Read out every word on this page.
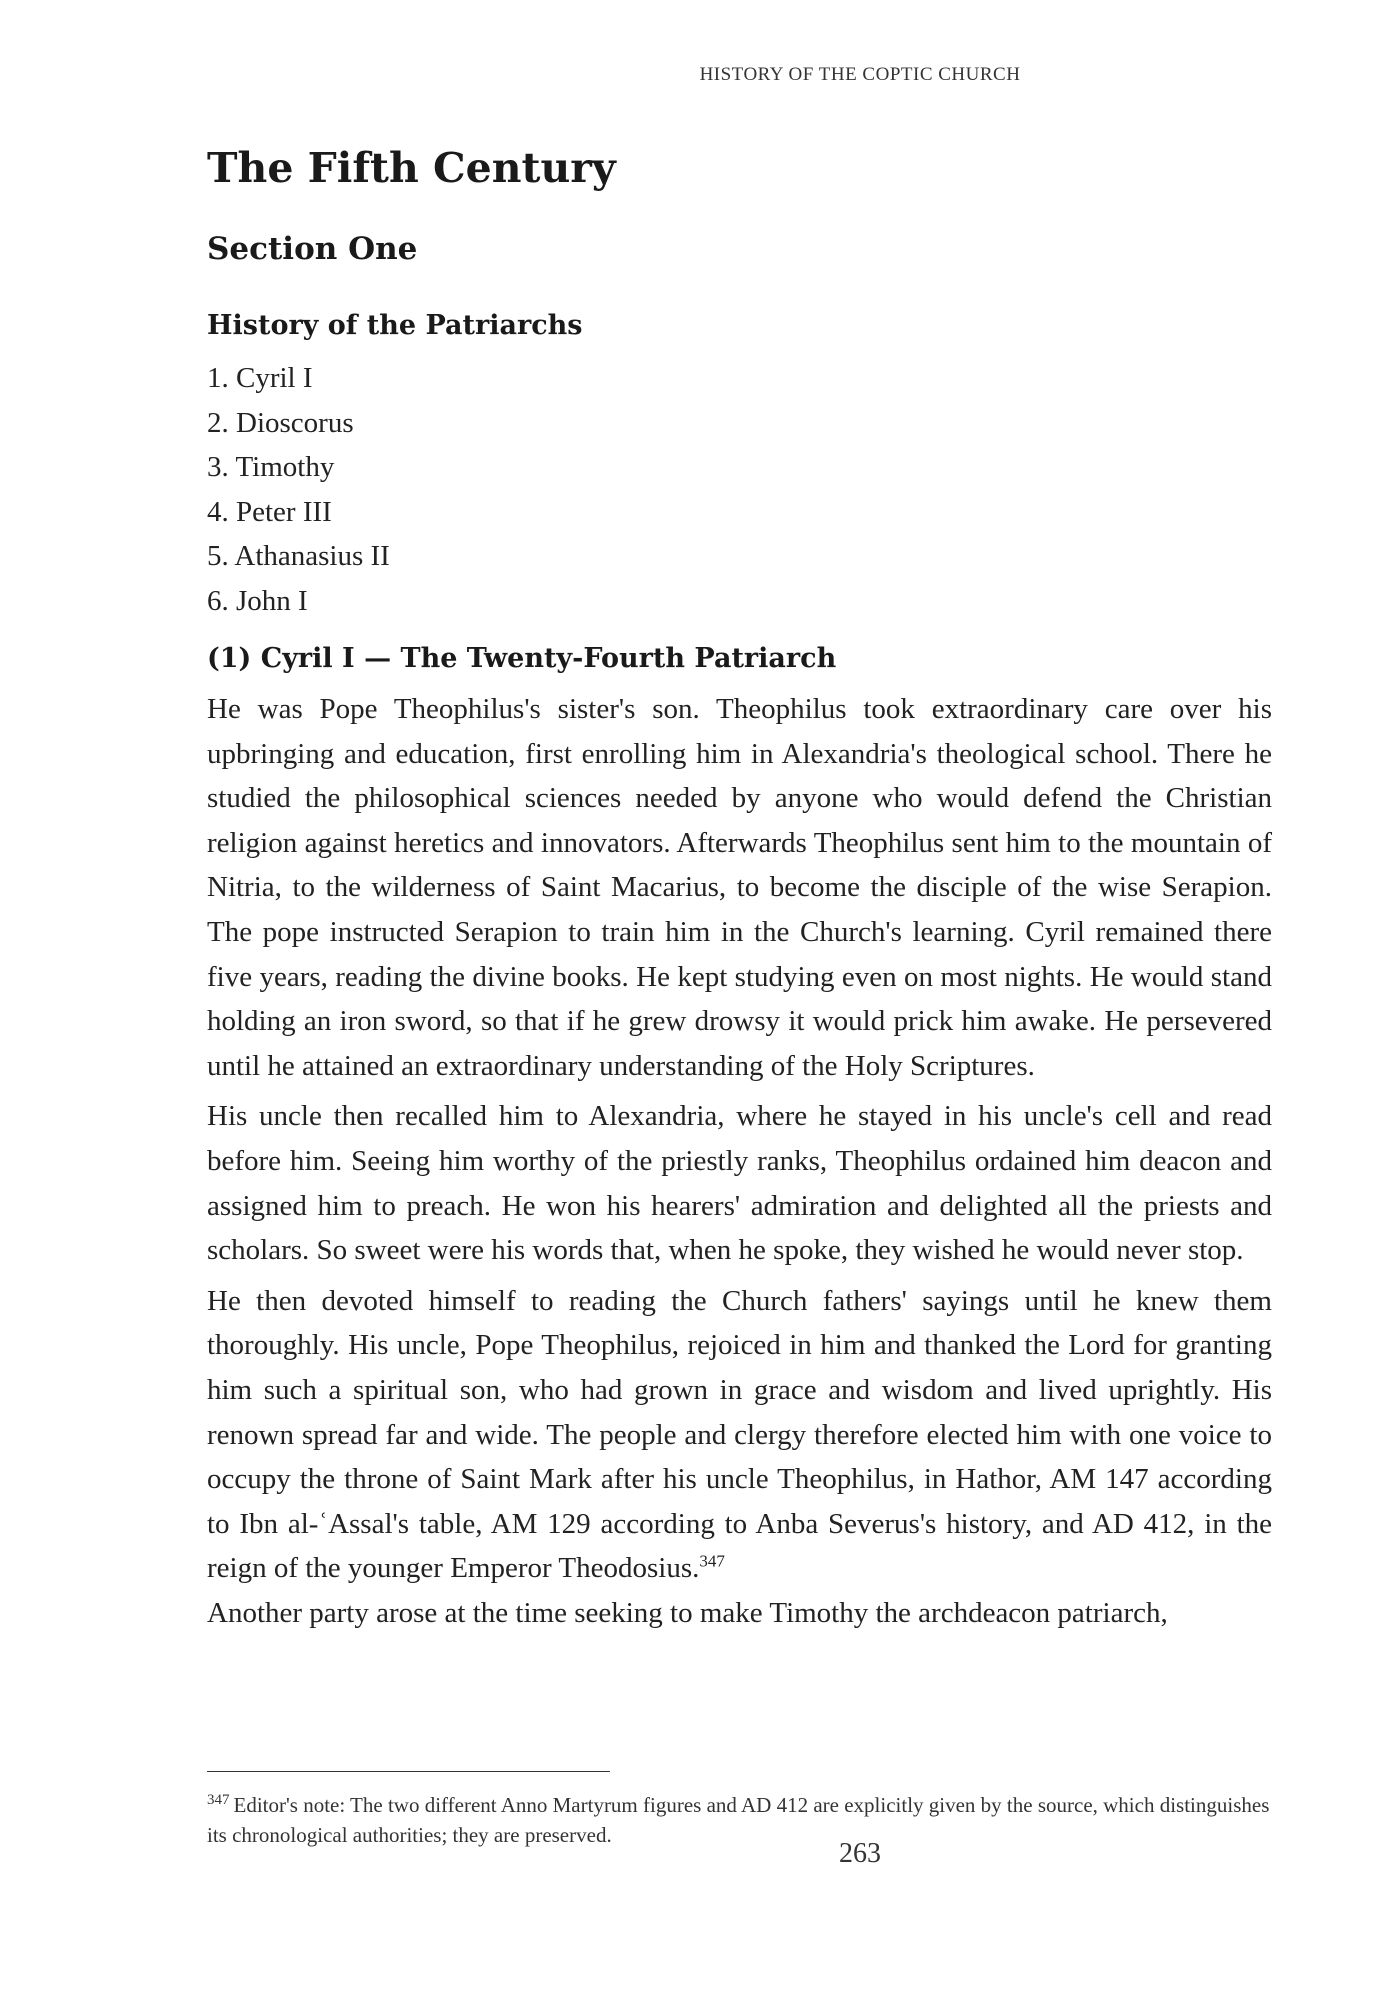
HISTORY OF THE COPTIC CHURCH
The Fifth Century
Section One
History of the Patriarchs
1. Cyril I
2. Dioscorus
3. Timothy
4. Peter III
5. Athanasius II
6. John I
(1) Cyril I — The Twenty-Fourth Patriarch

He was Pope Theophilus's sister's son. Theophilus took extraordinary care over his upbringing and education, first enrolling him in Alexandria's theological school. There he studied the philosophical sciences needed by anyone who would defend the Christian religion against heretics and innovators. Afterwards Theophilus sent him to the mountain of Nitria, to the wilderness of Saint Macarius, to become the disciple of the wise Serapion. The pope instructed Serapion to train him in the Church's learning. Cyril remained there five years, reading the divine books. He kept studying even on most nights. He would stand holding an iron sword, so that if he grew drowsy it would prick him awake. He persevered until he attained an extraordinary understanding of the Holy Scriptures.

His uncle then recalled him to Alexandria, where he stayed in his uncle's cell and read before him. Seeing him worthy of the priestly ranks, Theophilus ordained him deacon and assigned him to preach. He won his hearers' admiration and delighted all the priests and scholars. So sweet were his words that, when he spoke, they wished he would never stop.

He then devoted himself to reading the Church fathers' sayings until he knew them thoroughly. His uncle, Pope Theophilus, rejoiced in him and thanked the Lord for granting him such a spiritual son, who had grown in grace and wisdom and lived uprightly. His renown spread far and wide. The people and clergy therefore elected him with one voice to occupy the throne of Saint Mark after his uncle Theophilus, in Hathor, AM 147 according to Ibn al-ʿAssal's table, AM 129 according to Anba Severus's history, and AD 412, in the reign of the younger Emperor Theodosius.$^{347}$
Another party arose at the time seeking to make Timothy the archdeacon patriarch,

$^{347}$ Editor's note: The two different Anno Martyrum figures and AD 412 are explicitly given by the source, which distinguishes its chronological authorities; they are preserved.
263
